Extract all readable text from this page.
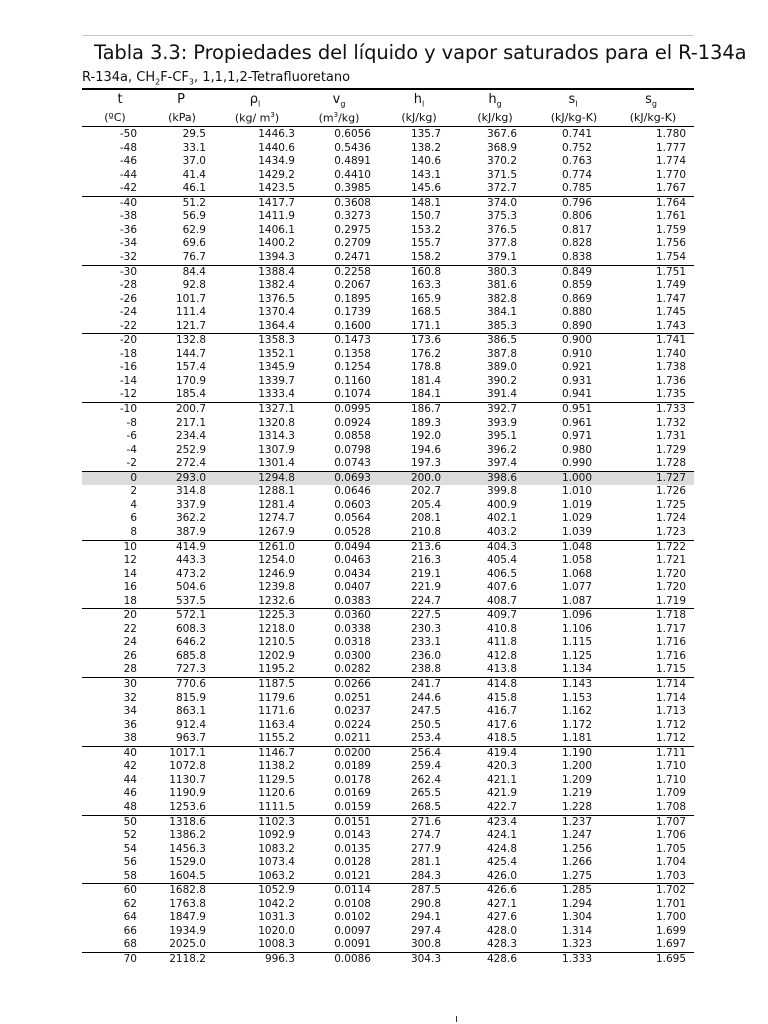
Tabla 3.3: Propiedades del líquido y vapor saturados para el R-134a
R-134a, $CH_2F-CF_3$, 1,1,1,2-Tetrafluoretano
t	P	$\rho_l$	$v_g$	$h_l$	$h_g$	$s_l$	$s_g$
(ºC)	(kPa)	(kg/ $m^3$)	$(m^3/kg)$	(kJ/kg)	(kJ/kg)	(kJ/kg-K)	(kJ/kg-K)
-50	29.5	1446.3	0.6056	135.7	367.6	0.741	1.780
-48	33.1	1440.6	0.5436	138.2	368.9	0.752	1.777
-46	37.0	1434.9	0.4891	140.6	370.2	0.763	1.774
-44	41.4	1429.2	0.4410	143.1	371.5	0.774	1.770
-42	46.1	1423.5	0.3985	145.6	372.7	0.785	1.767
-40	51.2	1417.7	0.3608	148.1	374.0	0.796	1.764
-38	56.9	1411.9	0.3273	150.7	375.3	0.806	1.761
-36	62.9	1406.1	0.2975	153.2	376.5	0.817	1.759
-34	69.6	1400.2	0.2709	155.7	377.8	0.828	1.756
-32	76.7	1394.3	0.2471	158.2	379.1	0.838	1.754
-30	84.4	1388.4	0.2258	160.8	380.3	0.849	1.751
-28	92.8	1382.4	0.2067	163.3	381.6	0.859	1.749
-26	101.7	1376.5	0.1895	165.9	382.8	0.869	1.747
-24	111.4	1370.4	0.1739	168.5	384.1	0.880	1.745
-22	121.7	1364.4	0.1600	171.1	385.3	0.890	1.743
-20	132.8	1358.3	0.1473	173.6	386.5	0.900	1.741
-18	144.7	1352.1	0.1358	176.2	387.8	0.910	1.740
-16	157.4	1345.9	0.1254	178.8	389.0	0.921	1.738
-14	170.9	1339.7	0.1160	181.4	390.2	0.931	1.736
-12	185.4	1333.4	0.1074	184.1	391.4	0.941	1.735
-10	200.7	1327.1	0.0995	186.7	392.7	0.951	1.733
-8	217.1	1320.8	0.0924	189.3	393.9	0.961	1.732
-6	234.4	1314.3	0.0858	192.0	395.1	0.971	1.731
-4	252.9	1307.9	0.0798	194.6	396.2	0.980	1.729
-2	272.4	1301.4	0.0743	197.3	397.4	0.990	1.728
0	293.0	1294.8	0.0693	200.0	398.6	1.000	1.727
2	314.8	1288.1	0.0646	202.7	399.8	1.010	1.726
4	337.9	1281.4	0.0603	205.4	400.9	1.019	1.725
6	362.2	1274.7	0.0564	208.1	402.1	1.029	1.724
8	387.9	1267.9	0.0528	210.8	403.2	1.039	1.723
10	414.9	1261.0	0.0494	213.6	404.3	1.048	1.722
12	443.3	1254.0	0.0463	216.3	405.4	1.058	1.721
14	473.2	1246.9	0.0434	219.1	406.5	1.068	1.720
16	504.6	1239.8	0.0407	221.9	407.6	1.077	1.720
18	537.5	1232.6	0.0383	224.7	408.7	1.087	1.719
20	572.1	1225.3	0.0360	227.5	409.7	1.096	1.718
22	608.3	1218.0	0.0338	230.3	410.8	1.106	1.717
24	646.2	1210.5	0.0318	233.1	411.8	1.115	1.716
26	685.8	1202.9	0.0300	236.0	412.8	1.125	1.716
28	727.3	1195.2	0.0282	238.8	413.8	1.134	1.715
30	770.6	1187.5	0.0266	241.7	414.8	1.143	1.714
32	815.9	1179.6	0.0251	244.6	415.8	1.153	1.714
34	863.1	1171.6	0.0237	247.5	416.7	1.162	1.713
36	912.4	1163.4	0.0224	250.5	417.6	1.172	1.712
38	963.7	1155.2	0.0211	253.4	418.5	1.181	1.712
40	1017.1	1146.7	0.0200	256.4	419.4	1.190	1.711
42	1072.8	1138.2	0.0189	259.4	420.3	1.200	1.710
44	1130.7	1129.5	0.0178	262.4	421.1	1.209	1.710
46	1190.9	1120.6	0.0169	265.5	421.9	1.219	1.709
48	1253.6	1111.5	0.0159	268.5	422.7	1.228	1.708
50	1318.6	1102.3	0.0151	271.6	423.4	1.237	1.707
52	1386.2	1092.9	0.0143	274.7	424.1	1.247	1.706
54	1456.3	1083.2	0.0135	277.9	424.8	1.256	1.705
56	1529.0	1073.4	0.0128	281.1	425.4	1.266	1.704
58	1604.5	1063.2	0.0121	284.3	426.0	1.275	1.703
60	1682.8	1052.9	0.0114	287.5	426.6	1.285	1.702
62	1763.8	1042.2	0.0108	290.8	427.1	1.294	1.701
64	1847.9	1031.3	0.0102	294.1	427.6	1.304	1.700
66	1934.9	1020.0	0.0097	297.4	428.0	1.314	1.699
68	2025.0	1008.3	0.0091	300.8	428.3	1.323	1.697
70	2118.2	996.3	0.0086	304.3	428.6	1.333	1.695
